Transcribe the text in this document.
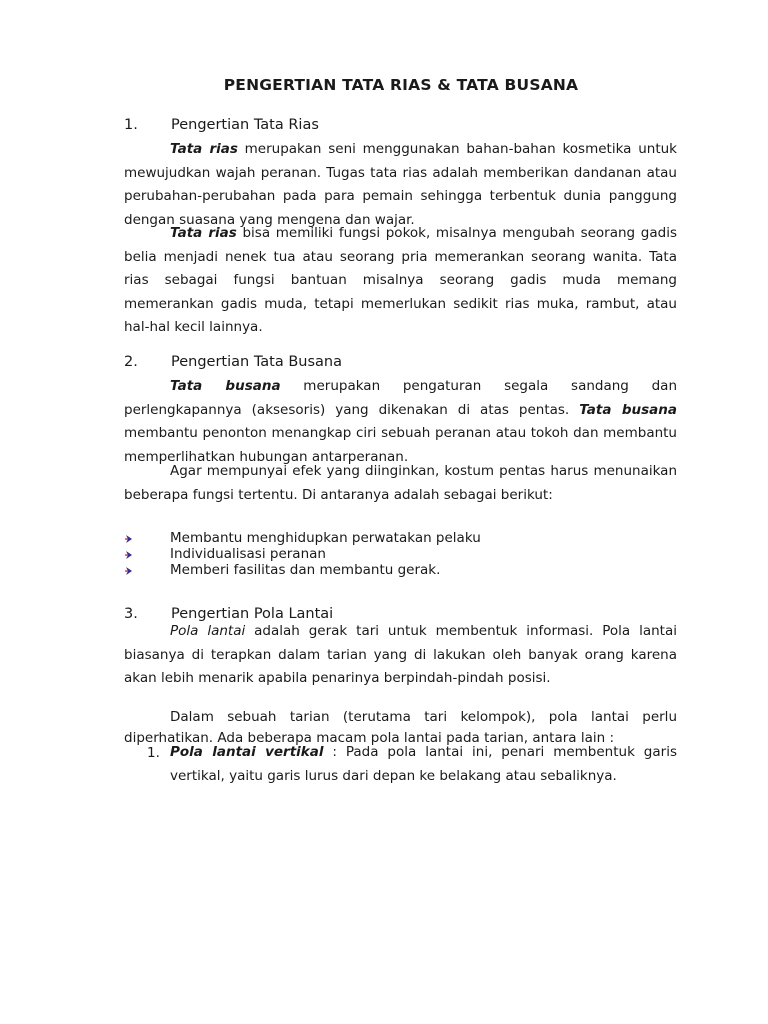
PENGERTIAN TATA RIAS & TATA BUSANA
1. Pengertian Tata Rias
Tata rias merupakan seni menggunakan bahan-bahan kosmetika untuk mewujudkan wajah peranan. Tugas tata rias adalah memberikan dandanan atau perubahan-perubahan pada para pemain sehingga terbentuk dunia panggung dengan suasana yang mengena dan wajar.
Tata rias bisa memiliki fungsi pokok, misalnya mengubah seorang gadis belia menjadi nenek tua atau seorang pria memerankan seorang wanita. Tata rias sebagai fungsi bantuan misalnya seorang gadis muda memang memerankan gadis muda, tetapi memerlukan sedikit rias muka, rambut, atau hal-hal kecil lainnya.
2. Pengertian Tata Busana
Tata busana merupakan pengaturan segala sandang dan perlengkapannya (aksesoris) yang dikenakan di atas pentas. Tata busana membantu penonton menangkap ciri sebuah peranan atau tokoh dan membantu memperlihatkan hubungan antarperanan.
Agar mempunyai efek yang diinginkan, kostum pentas harus menunaikan beberapa fungsi tertentu. Di antaranya adalah sebagai berikut:
Membantu menghidupkan perwatakan pelaku
Individualisasi peranan
Memberi fasilitas dan membantu gerak.
3. Pengertian Pola Lantai
Pola lantai adalah gerak tari untuk membentuk informasi. Pola lantai biasanya di terapkan dalam tarian yang di lakukan oleh banyak orang karena akan lebih menarik apabila penarinya berpindah-pindah posisi.
Dalam sebuah tarian (terutama tari kelompok), pola lantai perlu diperhatikan. Ada beberapa macam pola lantai pada tarian, antara lain :
1. Pola lantai vertikal : Pada pola lantai ini, penari membentuk garis vertikal, yaitu garis lurus dari depan ke belakang atau sebaliknya.
